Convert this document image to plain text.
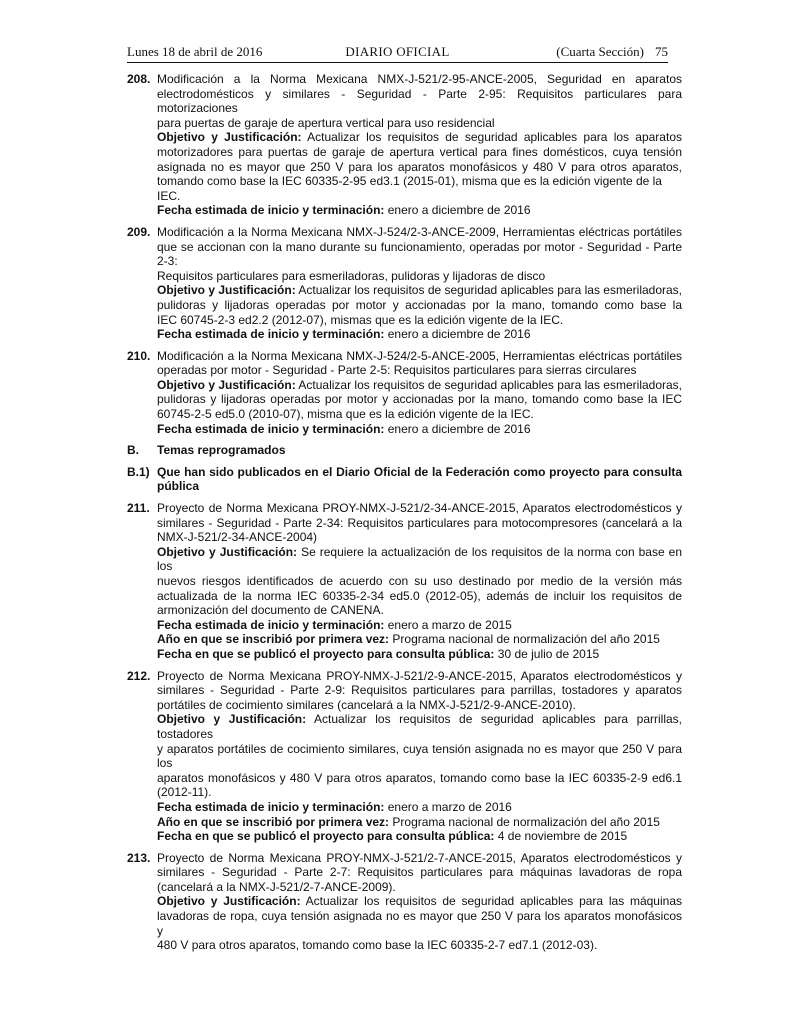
Lunes 18 de abril de 2016	DIARIO OFICIAL	(Cuarta Sección) 75
208. Modificación a la Norma Mexicana NMX-J-521/2-95-ANCE-2005, Seguridad en aparatos
electrodomésticos y similares - Seguridad - Parte 2-95: Requisitos particulares para motorizaciones
para puertas de garaje de apertura vertical para uso residencial

Objetivo y Justificación: Actualizar los requisitos de seguridad aplicables para los aparatos
motorizadores para puertas de garaje de apertura vertical para fines domésticos, cuya tensión
asignada no es mayor que 250 V para los aparatos monofásicos y 480 V para otros aparatos,
tomando como base la IEC 60335-2-95 ed3.1 (2015-01), misma que es la edición vigente de la IEC.

Fecha estimada de inicio y terminación: enero a diciembre de 2016

209. Modificación a la Norma Mexicana NMX-J-524/2-3-ANCE-2009, Herramientas eléctricas portátiles
que se accionan con la mano durante su funcionamiento, operadas por motor - Seguridad - Parte 2-3:
Requisitos particulares para esmeriladoras, pulidoras y lijadoras de disco

Objetivo y Justificación: Actualizar los requisitos de seguridad aplicables para las esmeriladoras,
pulidoras y lijadoras operadas por motor y accionadas por la mano, tomando como base la
IEC 60745-2-3 ed2.2 (2012-07), mismas que es la edición vigente de la IEC.

Fecha estimada de inicio y terminación: enero a diciembre de 2016

210. Modificación a la Norma Mexicana NMX-J-524/2-5-ANCE-2005, Herramientas eléctricas portátiles
operadas por motor - Seguridad - Parte 2-5: Requisitos particulares para sierras circulares

Objetivo y Justificación: Actualizar los requisitos de seguridad aplicables para las esmeriladoras,
pulidoras y lijadoras operadas por motor y accionadas por la mano, tomando como base la IEC
60745-2-5 ed5.0 (2010-07), misma que es la edición vigente de la IEC.

Fecha estimada de inicio y terminación: enero a diciembre de 2016

B. Temas reprogramados

B.1) Que han sido publicados en el Diario Oficial de la Federación como proyecto para consulta
pública

211. Proyecto de Norma Mexicana PROY-NMX-J-521/2-34-ANCE-2015, Aparatos electrodomésticos y
similares - Seguridad - Parte 2-34: Requisitos particulares para motocompresores (cancelará a la
NMX-J-521/2-34-ANCE-2004)

Objetivo y Justificación: Se requiere la actualización de los requisitos de la norma con base en los
nuevos riesgos identificados de acuerdo con su uso destinado por medio de la versión más
actualizada de la norma IEC 60335-2-34 ed5.0 (2012-05), además de incluir los requisitos de
armonización del documento de CANENA.

Fecha estimada de inicio y terminación: enero a marzo de 2015

Año en que se inscribió por primera vez: Programa nacional de normalización del año 2015

Fecha en que se publicó el proyecto para consulta pública: 30 de julio de 2015

212. Proyecto de Norma Mexicana PROY-NMX-J-521/2-9-ANCE-2015, Aparatos electrodomésticos y
similares - Seguridad - Parte 2-9: Requisitos particulares para parrillas, tostadores y aparatos
portátiles de cocimiento similares (cancelará a la NMX-J-521/2-9-ANCE-2010).

Objetivo y Justificación: Actualizar los requisitos de seguridad aplicables para parrillas, tostadores
y aparatos portátiles de cocimiento similares, cuya tensión asignada no es mayor que 250 V para los
aparatos monofásicos y 480 V para otros aparatos, tomando como base la IEC 60335-2-9 ed6.1
(2012-11).

Fecha estimada de inicio y terminación: enero a marzo de 2016

Año en que se inscribió por primera vez: Programa nacional de normalización del año 2015

Fecha en que se publicó el proyecto para consulta pública: 4 de noviembre de 2015

213. Proyecto de Norma Mexicana PROY-NMX-J-521/2-7-ANCE-2015, Aparatos electrodomésticos y
similares - Seguridad - Parte 2-7: Requisitos particulares para máquinas lavadoras de ropa
(cancelará a la NMX-J-521/2-7-ANCE-2009).

Objetivo y Justificación: Actualizar los requisitos de seguridad aplicables para las máquinas
lavadoras de ropa, cuya tensión asignada no es mayor que 250 V para los aparatos monofásicos y
480 V para otros aparatos, tomando como base la IEC 60335-2-7 ed7.1 (2012-03).
